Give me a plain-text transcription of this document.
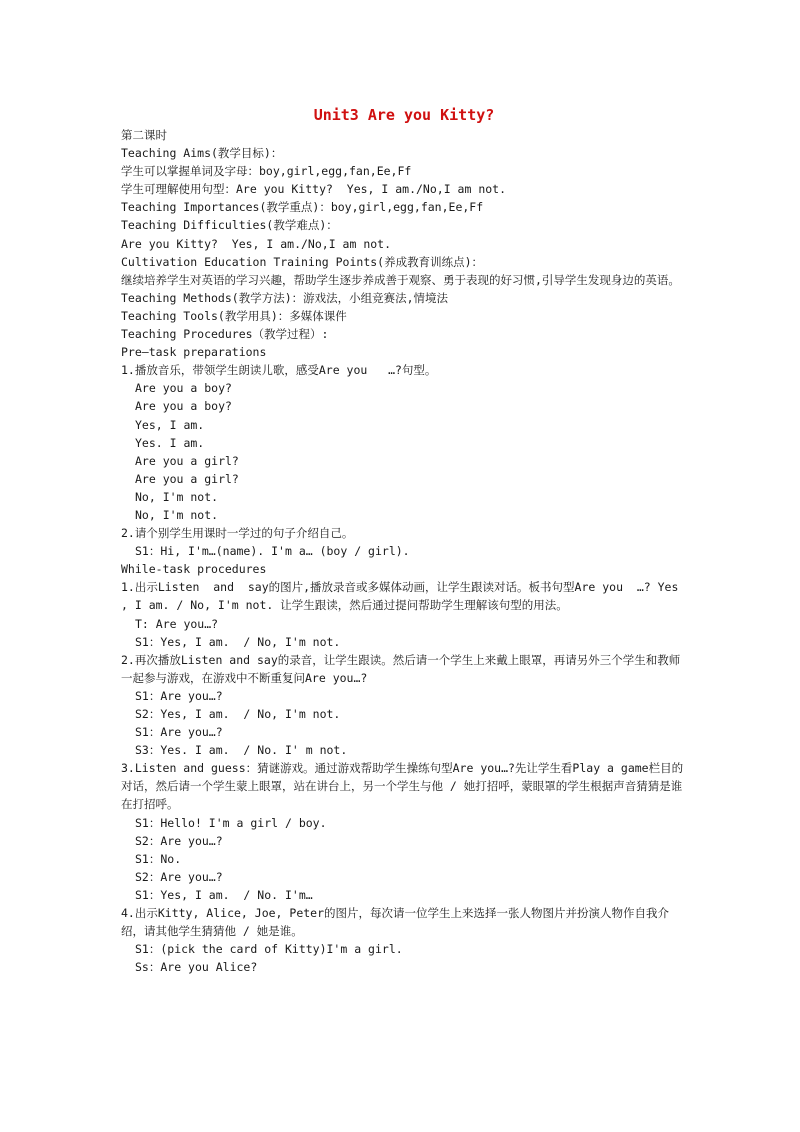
Unit3 Are you Kitty?
第二课时
Teaching Aims(教学目标)：
学生可以掌握单词及字母：boy,girl,egg,fan,Ee,Ff
学生可理解使用句型：Are you Kitty?  Yes, I am./No,I am not.
Teaching Importances(教学重点)：boy,girl,egg,fan,Ee,Ff
Teaching Difficulties(教学难点)：
Are you Kitty?  Yes, I am./No,I am not.
Cultivation Education Training Points(养成教育训练点)：
继续培养学生对英语的学习兴趣，帮助学生逐步养成善于观察、勇于表现的好习惯,引导学生发现身边的英语。
Teaching Methods(教学方法)：游戏法，小组竞赛法,情境法
Teaching Tools(教学用具)：多媒体课件
Teaching Procedures（教学过程）:
Pre—task preparations
1.播放音乐，带领学生朗读儿歌，感受Are you   …?句型。
Are you a boy?
Are you a boy?
Yes, I am.
Yes. I am.
Are you a girl?
Are you a girl?
No, I'm not.
No, I'm not.
2.请个别学生用课时一学过的句子介绍自己。
S1：Hi, I'm…(name). I'm a… (boy / girl).
While-task procedures
1.出示Listen  and  say的图片,播放录音或多媒体动画，让学生跟读对话。板书句型Are you  …? Yes , I am. / No, I'm not. 让学生跟读，然后通过提问帮助学生理解该句型的用法。
T: Are you…?
S1：Yes, I am.  / No, I'm not.
2.再次播放Listen and say的录音，让学生跟读。然后请一个学生上来戴上眼罩，再请另外三个学生和教师一起参与游戏，在游戏中不断重复问Are you…?
S1：Are you…?
S2：Yes, I am.  / No, I'm not.
S1：Are you…?
S3：Yes. I am.  / No. I' m not.
3.Listen and guess：猜谜游戏。通过游戏帮助学生操练句型Are you…?先让学生看Play a game栏目的对话，然后请一个学生蒙上眼罩，站在讲台上，另一个学生与他 / 她打招呼，蒙眼罩的学生根据声音猜猜是谁在打招呼。
S1：Hello! I'm a girl / boy.
S2：Are you…?
S1：No.
S2：Are you…?
S1：Yes, I am.  / No. I'm…
4.出示Kitty, Alice, Joe, Peter的图片，每次请一位学生上来选择一张人物图片并扮演人物作自我介绍，请其他学生猜猜他 / 她是谁。
S1：(pick the card of Kitty)I'm a girl.
Ss：Are you Alice?
